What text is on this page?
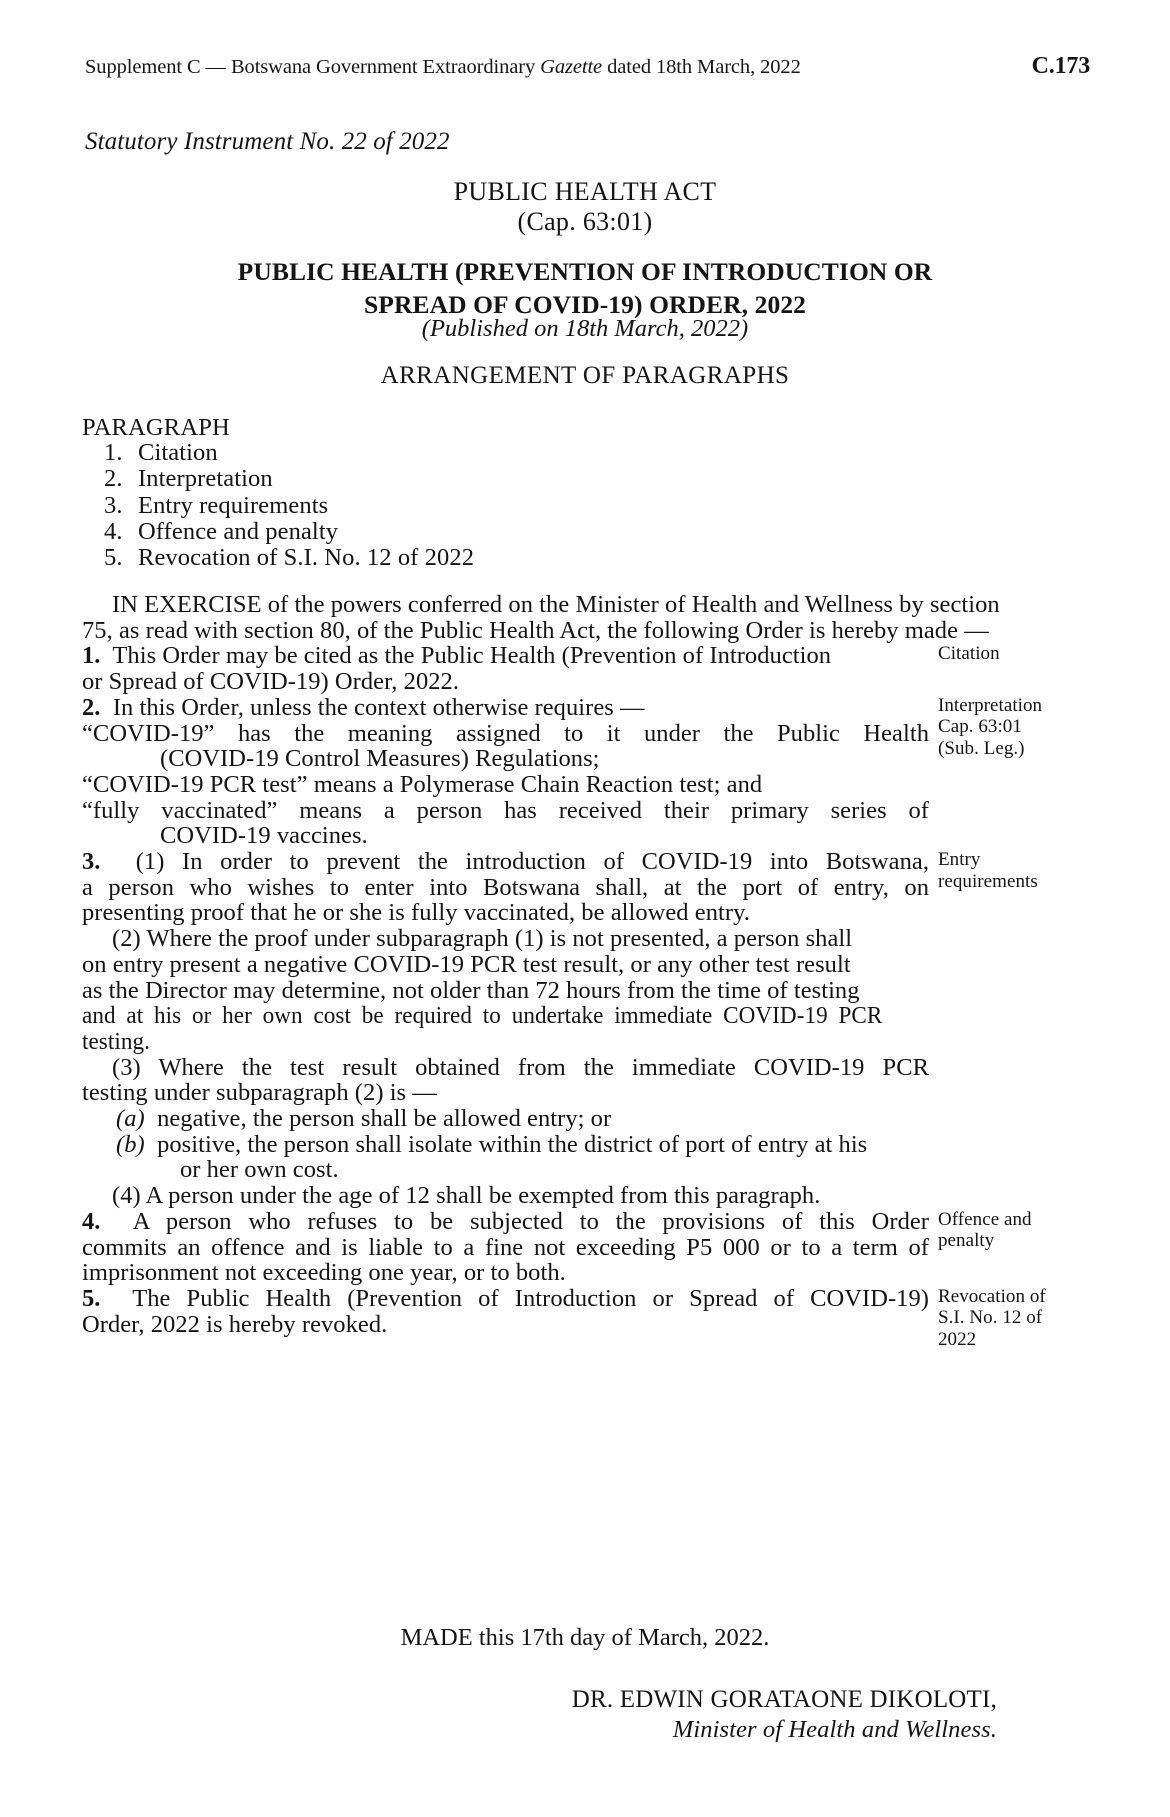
Supplement C — Botswana Government Extraordinary Gazette dated 18th March, 2022	C.173
Statutory Instrument No. 22 of 2022
PUBLIC HEALTH ACT
(Cap. 63:01)
PUBLIC HEALTH (PREVENTION OF INTRODUCTION OR
SPREAD OF COVID-19) ORDER, 2022
(Published on 18th March, 2022)
ARRANGEMENT OF PARAGRAPHS
PARAGRAPH
1. Citation
2. Interpretation
3. Entry requirements
4. Offence and penalty
5. Revocation of S.I. No. 12 of 2022

IN EXERCISE of the powers conferred on the Minister of Health and Wellness by section

75, as read with section 80, of the Public Health Act, the following Order is hereby made —

1. This Order may be cited as the Public Health (Prevention of Introduction

or Spread of COVID-19) Order, 2022.

Citation

2. In this Order, unless the context otherwise requires —

“COVID-19” has the meaning assigned to it under the Public Health

(COVID-19 Control Measures) Regulations;

“COVID-19 PCR test” means a Polymerase Chain Reaction test; and

“fully vaccinated” means a person has received their primary series of

COVID-19 vaccines.

Interpretation
Cap. 63:01
(Sub. Leg.)

3. (1) In order to prevent the introduction of COVID-19 into Botswana,

a person who wishes to enter into Botswana shall, at the port of entry, on

presenting proof that he or she is fully vaccinated, be allowed entry.

(2) Where the proof under subparagraph (1) is not presented, a person shall

on entry present a negative COVID-19 PCR test result, or any other test result

as the Director may determine, not older than 72 hours from the time of testing

and at his or her own cost be required to undertake immediate COVID-19 PCR testing.

(3) Where the test result obtained from the immediate COVID-19 PCR

testing under subparagraph (2) is —

(a) negative, the person shall be allowed entry; or

(b) positive, the person shall isolate within the district of port of entry at his

or her own cost.

(4) A person under the age of 12 shall be exempted from this paragraph.

Entry
requirements

4. A person who refuses to be subjected to the provisions of this Order

commits an offence and is liable to a fine not exceeding P5 000 or to a term of

imprisonment not exceeding one year, or to both.

Offence and
penalty

5. The Public Health (Prevention of Introduction or Spread of COVID-19)

Order, 2022 is hereby revoked.

Revocation of
S.I. No. 12 of
2022
MADE this 17th day of March, 2022.
DR. EDWIN GORATAONE DIKOLOTI,
Minister of Health and Wellness.
